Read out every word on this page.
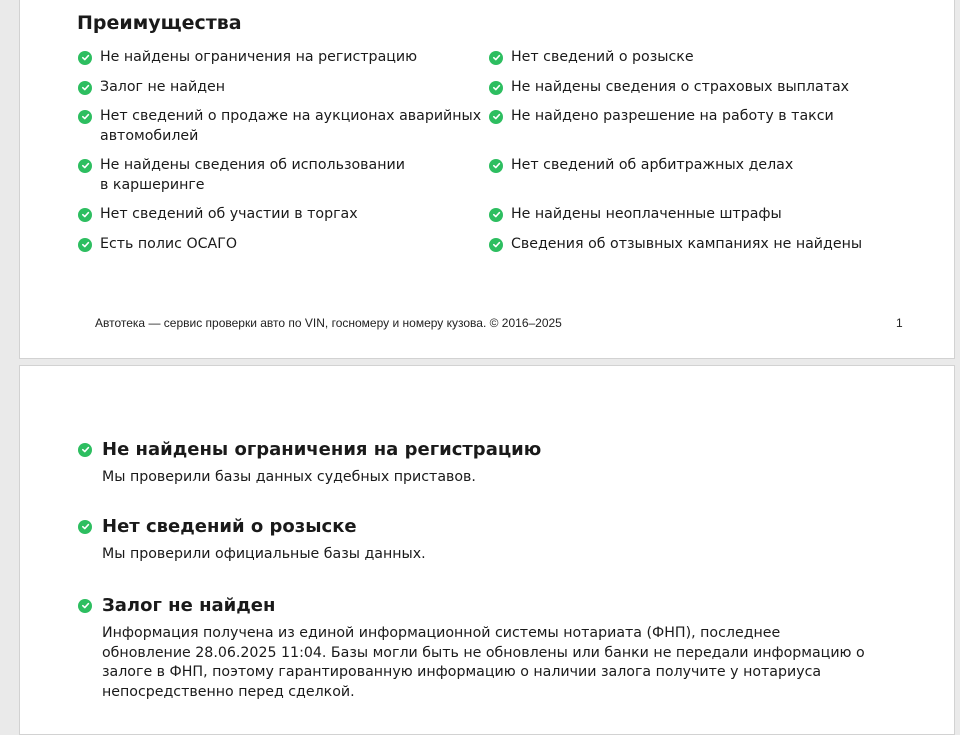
Преимущества
Не найдены ограничения на регистрацию
Залог не найден
Нет сведений о продаже на аукционах аварийных
автомобилей
Не найдены сведения об использовании
в каршеринге
Нет сведений об участии в торгах
Есть полис ОСАГО
Нет сведений о розыске
Не найдены сведения о страховых выплатах
Не найдено разрешение на работу в такси
Нет сведений об арбитражных делах
Не найдены неоплаченные штрафы
Сведения об отзывных кампаниях не найдены
Автотека — сервис проверки авто по VIN, госномеру и номеру кузова. © 2016–2025	1
Не найдены ограничения на регистрацию
Мы проверили базы данных судебных приставов.
Нет сведений о розыске
Мы проверили официальные базы данных.
Залог не найден
Информация получена из единой информационной системы нотариата (ФНП), последнее
обновление 28.06.2025 11:04. Базы могли быть не обновлены или банки не передали информацию о
залоге в ФНП, поэтому гарантированную информацию о наличии залога получите у нотариуса
непосредственно перед сделкой.
